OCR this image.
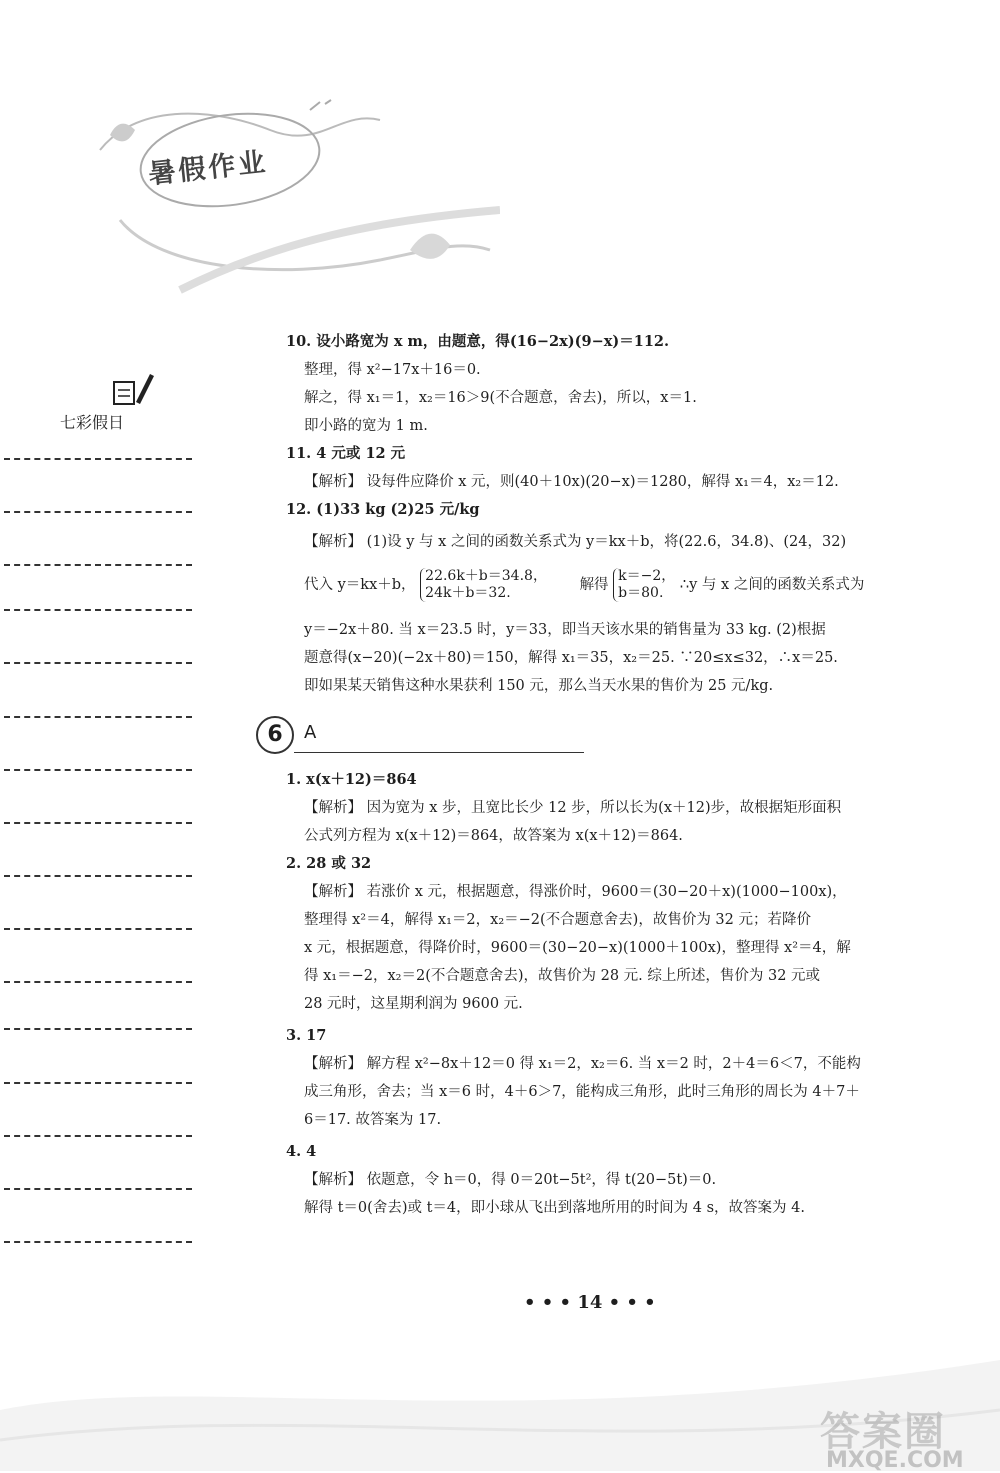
暑假作业
七彩假日
10. 设小路宽为 x m，由题意，得(16−2x)(9−x)＝112.
整理，得 x²−17x＋16＝0.
解之，得 x₁＝1，x₂＝16＞9(不合题意，舍去)，所以，x＝1.
即小路的宽为 1 m.
11. 4 元或 12 元
【解析】 设每件应降价 x 元，则(40＋10x)(20−x)＝1280，解得 x₁＝4，x₂＝12.
12. (1)33 kg (2)25 元/kg
【解析】 (1)设 y 与 x 之间的函数关系式为 y＝kx＋b，将(22.6，34.8)、(24，32)
代入 y＝kx＋b， 22.6k＋b＝34.8，
24k＋b＝32.	解得 k＝−2，
b＝80. ∴y 与 x 之间的函数关系式为
y＝−2x＋80. 当 x＝23.5 时，y＝33，即当天该水果的销售量为 33 kg. (2)根据
题意得(x−20)(−2x＋80)＝150，解得 x₁＝35，x₂＝25. ∵20≤x≤32，∴x＝25.
即如果某天销售这种水果获利 150 元，那么当天水果的售价为 25 元/kg.
6	A
1. x(x＋12)＝864
【解析】 因为宽为 x 步，且宽比长少 12 步，所以长为(x＋12)步，故根据矩形面积
公式列方程为 x(x＋12)＝864，故答案为 x(x＋12)＝864.
2. 28 或 32
【解析】 若涨价 x 元，根据题意，得涨价时，9600＝(30−20＋x)(1000−100x)，
整理得 x²＝4，解得 x₁＝2，x₂＝−2(不合题意舍去)，故售价为 32 元；若降价
x 元，根据题意，得降价时，9600＝(30−20−x)(1000＋100x)，整理得 x²＝4，解
得 x₁＝−2，x₂＝2(不合题意舍去)，故售价为 28 元. 综上所述，售价为 32 元或
28 元时，这星期利润为 9600 元.
3. 17
【解析】 解方程 x²−8x＋12＝0 得 x₁＝2，x₂＝6. 当 x＝2 时，2＋4＝6＜7，不能构
成三角形，舍去；当 x＝6 时，4＋6＞7，能构成三角形，此时三角形的周长为 4＋7＋
6＝17. 故答案为 17.
4. 4
【解析】 依题意，令 h＝0，得 0＝20t−5t²，得 t(20−5t)＝0.
解得 t＝0(舍去)或 t＝4，即小球从飞出到落地所用的时间为 4 s，故答案为 4.
• • • 14 • • •
答案圈
MXQE.COM
